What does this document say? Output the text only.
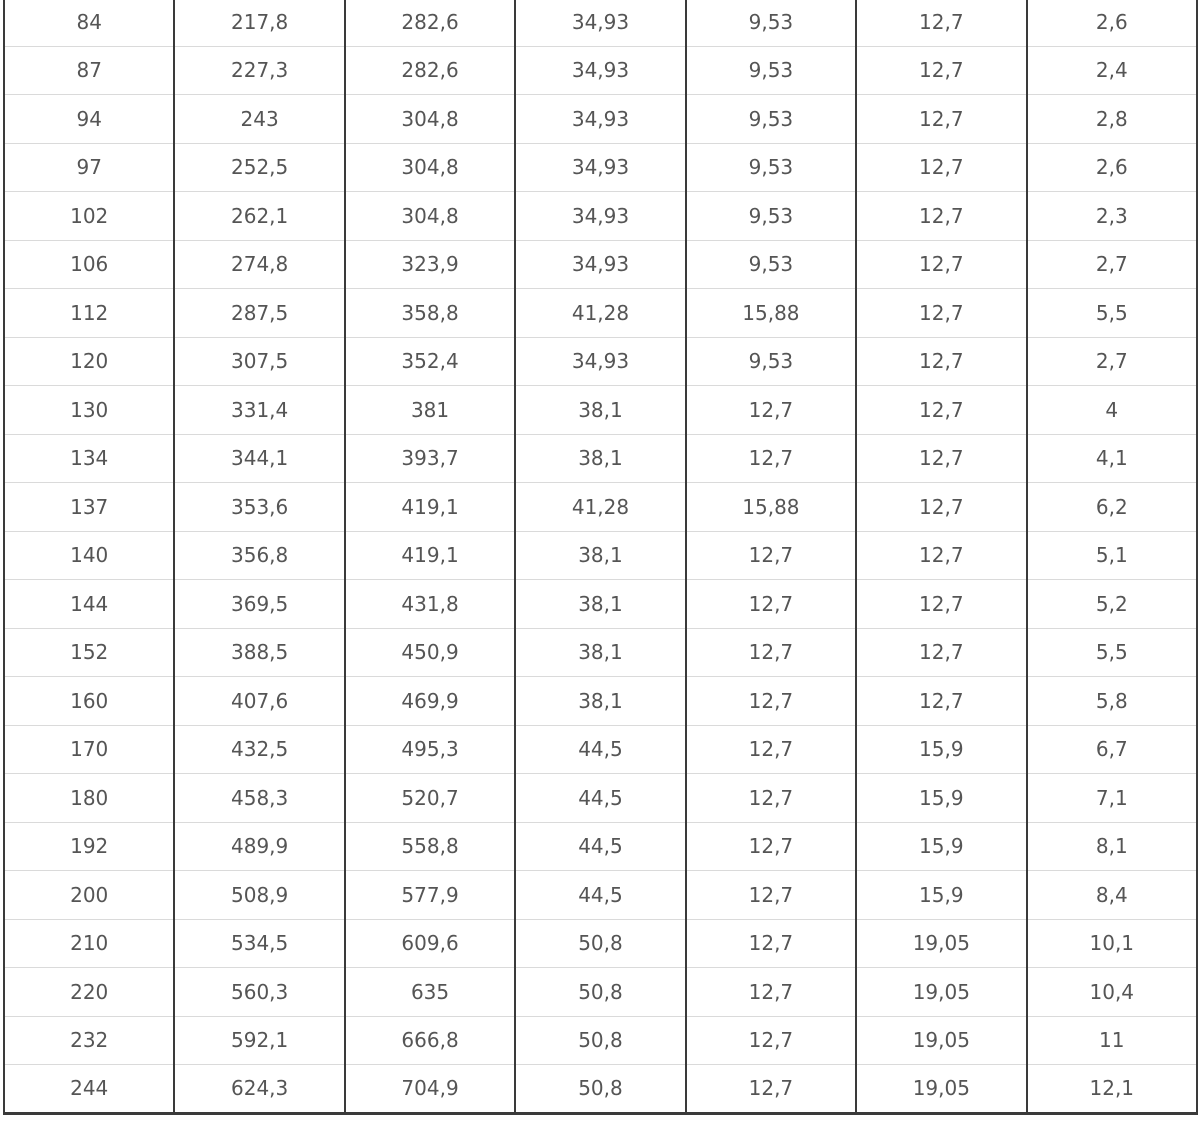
84	217,8	282,6	34,93	9,53	12,7	2,6
87	227,3	282,6	34,93	9,53	12,7	2,4
94	243	304,8	34,93	9,53	12,7	2,8
97	252,5	304,8	34,93	9,53	12,7	2,6
102	262,1	304,8	34,93	9,53	12,7	2,3
106	274,8	323,9	34,93	9,53	12,7	2,7
112	287,5	358,8	41,28	15,88	12,7	5,5
120	307,5	352,4	34,93	9,53	12,7	2,7
130	331,4	381	38,1	12,7	12,7	4
134	344,1	393,7	38,1	12,7	12,7	4,1
137	353,6	419,1	41,28	15,88	12,7	6,2
140	356,8	419,1	38,1	12,7	12,7	5,1
144	369,5	431,8	38,1	12,7	12,7	5,2
152	388,5	450,9	38,1	12,7	12,7	5,5
160	407,6	469,9	38,1	12,7	12,7	5,8
170	432,5	495,3	44,5	12,7	15,9	6,7
180	458,3	520,7	44,5	12,7	15,9	7,1
192	489,9	558,8	44,5	12,7	15,9	8,1
200	508,9	577,9	44,5	12,7	15,9	8,4
210	534,5	609,6	50,8	12,7	19,05	10,1
220	560,3	635	50,8	12,7	19,05	10,4
232	592,1	666,8	50,8	12,7	19,05	11
244	624,3	704,9	50,8	12,7	19,05	12,1
